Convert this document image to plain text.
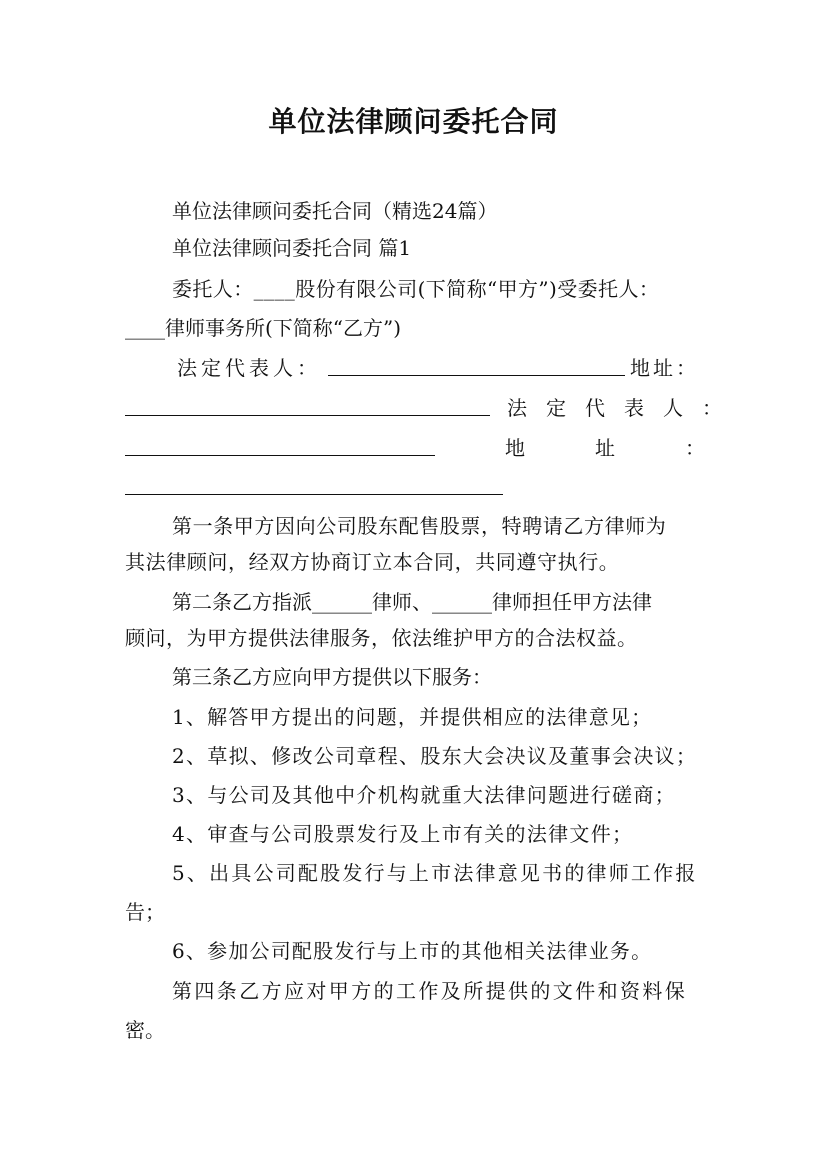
单位法律顾问委托合同
单位法律顾问委托合同（精选24篇）
单位法律顾问委托合同 篇1
委托人：____股份有限公司(下简称“甲方”)受委托人：
____律师事务所(下简称“乙方”)
法定代表人：	地址：
法定代表人：
地址：
第一条甲方因向公司股东配售股票，特聘请乙方律师为
其法律顾问，经双方协商订立本合同，共同遵守执行。
第二条乙方指派______律师、______律师担任甲方法律
顾问，为甲方提供法律服务，依法维护甲方的合法权益。
第三条乙方应向甲方提供以下服务：
1、解答甲方提出的问题，并提供相应的法律意见；
2、草拟、修改公司章程、股东大会决议及董事会决议；
3、与公司及其他中介机构就重大法律问题进行磋商；
4、审查与公司股票发行及上市有关的法律文件；
5、出具公司配股发行与上市法律意见书的律师工作报
告；
6、参加公司配股发行与上市的其他相关法律业务。
第四条乙方应对甲方的工作及所提供的文件和资料保
密。
